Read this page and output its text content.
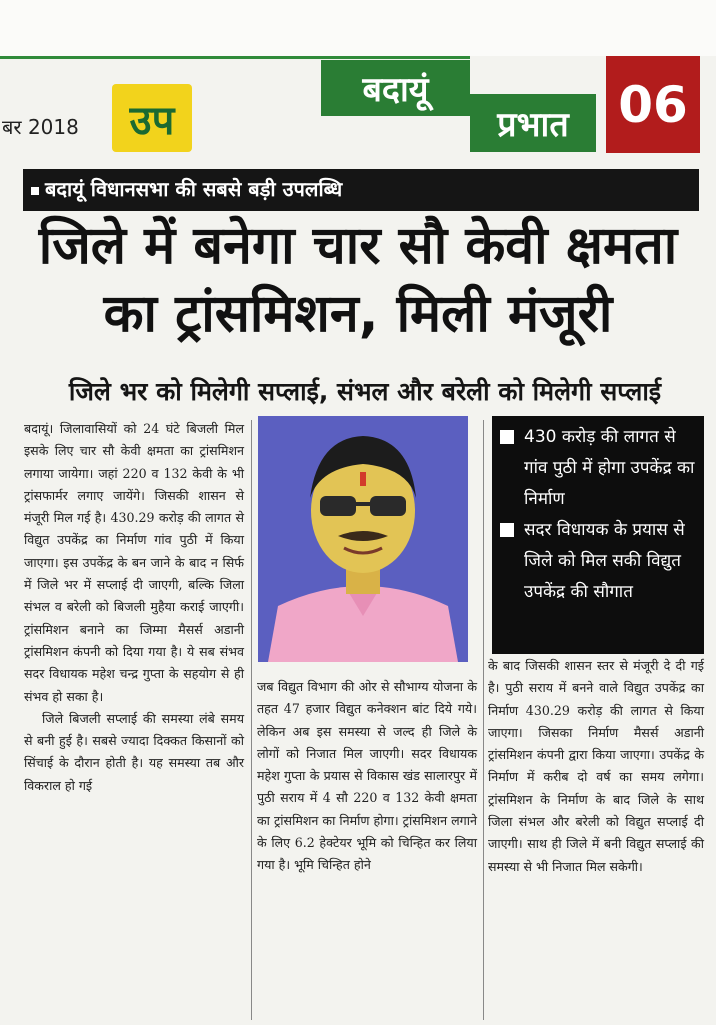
बर 2018	उप
बदायूं
प्रभात 06
बदायूं विधानसभा की सबसे बड़ी उपलब्धि
जिले में बनेगा चार सौ केवी क्षमता
का ट्रांसमिशन, मिली मंजूरी
जिले भर को मिलेगी सप्लाई, संभल और बरेली को मिलेगी सप्लाई

बदायूं। जिलावासियों को 24 घंटे बिजली मिल इसके लिए चार सौ केवी क्षमता का ट्रांसमिशन लगाया जायेगा। जहां 220 व 132 केवी के भी ट्रांसफार्मर लगाए जायेंगे। जिसकी शासन से मंजूरी मिल गई है। 430.29 करोड़ की लागत से विद्युत उपकेंद्र का निर्माण गांव पुठी में किया जाएगा। इस उपकेंद्र के बन जाने के बाद न सिर्फ में जिले भर में सप्लाई दी जाएगी, बल्कि जिला संभल व बरेली को बिजली मुहैया कराई जाएगी। ट्रांसमिशन बनाने का जिम्मा मैसर्स अडानी ट्रांसमिशन कंपनी को दिया गया है। ये सब संभव सदर विधायक महेश चन्द्र गुप्ता के सहयोग से ही संभव हो सका है।

जिले बिजली सप्लाई की समस्या लंबे समय से बनी हुई है। सबसे ज्यादा दिक्कत किसानों को सिंचाई के दौरान होती है। यह समस्या तब और विकराल हो गई

430 करोड़ की लागत से गांव पुठी में होगा उपकेंद्र का निर्माण
सदर विधायक के प्रयास से जिले को मिल सकी विद्युत उपकेंद्र की सौगात

जब विद्युत विभाग की ओर से सौभाग्य योजना के तहत 47 हजार विद्युत कनेक्शन बांट दिये गये। लेकिन अब इस समस्या से जल्द ही जिले के लोगों को निजात मिल जाएगी। सदर विधायक महेश गुप्ता के प्रयास से विकास खंड सालारपुर में पुठी सराय में 4 सौ 220 व 132 केवी क्षमता का ट्रांसमिशन का निर्माण होगा। ट्रांसमिशन लगाने के लिए 6.2 हेक्टेयर भूमि को चिन्हित कर लिया गया है। भूमि चिन्हित होने

के बाद जिसकी शासन स्तर से मंजूरी दे दी गई है। पुठी सराय में बनने वाले विद्युत उपकेंद्र का निर्माण 430.29 करोड़ की लागत से किया जाएगा। जिसका निर्माण मैसर्स अडानी ट्रांसमिशन कंपनी द्वारा किया जाएगा। उपकेंद्र के निर्माण में करीब दो वर्ष का समय लगेगा। ट्रांसमिशन के निर्माण के बाद जिले के साथ जिला संभल और बरेली को विद्युत सप्लाई दी जाएगी। साथ ही जिले में बनी विद्युत सप्लाई की समस्या से भी निजात मिल सकेगी।
